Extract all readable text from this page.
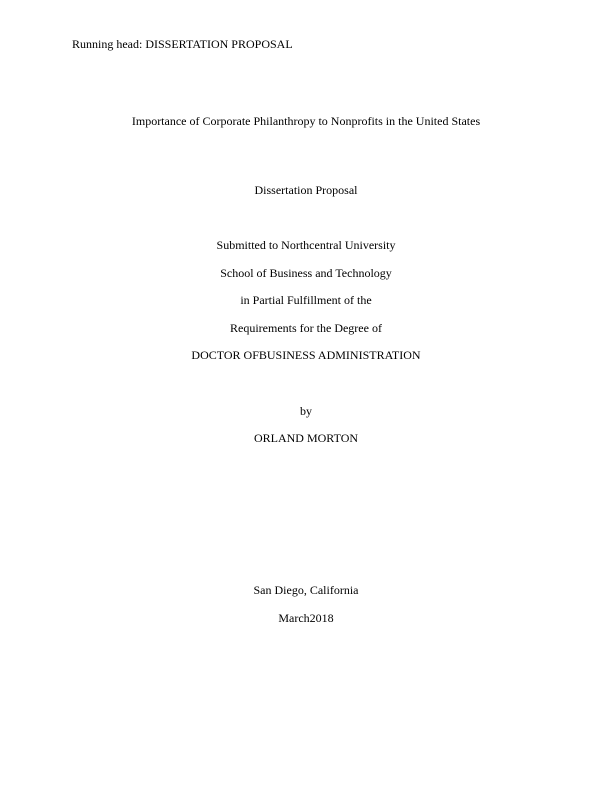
Running head: DISSERTATION PROPOSAL
Importance of Corporate Philanthropy to Nonprofits in the United States
Dissertation Proposal
Submitted to Northcentral University
School of Business and Technology
in Partial Fulfillment of the
Requirements for the Degree of
DOCTOR OFBUSINESS ADMINISTRATION
by
ORLAND MORTON
San Diego, California
March2018
